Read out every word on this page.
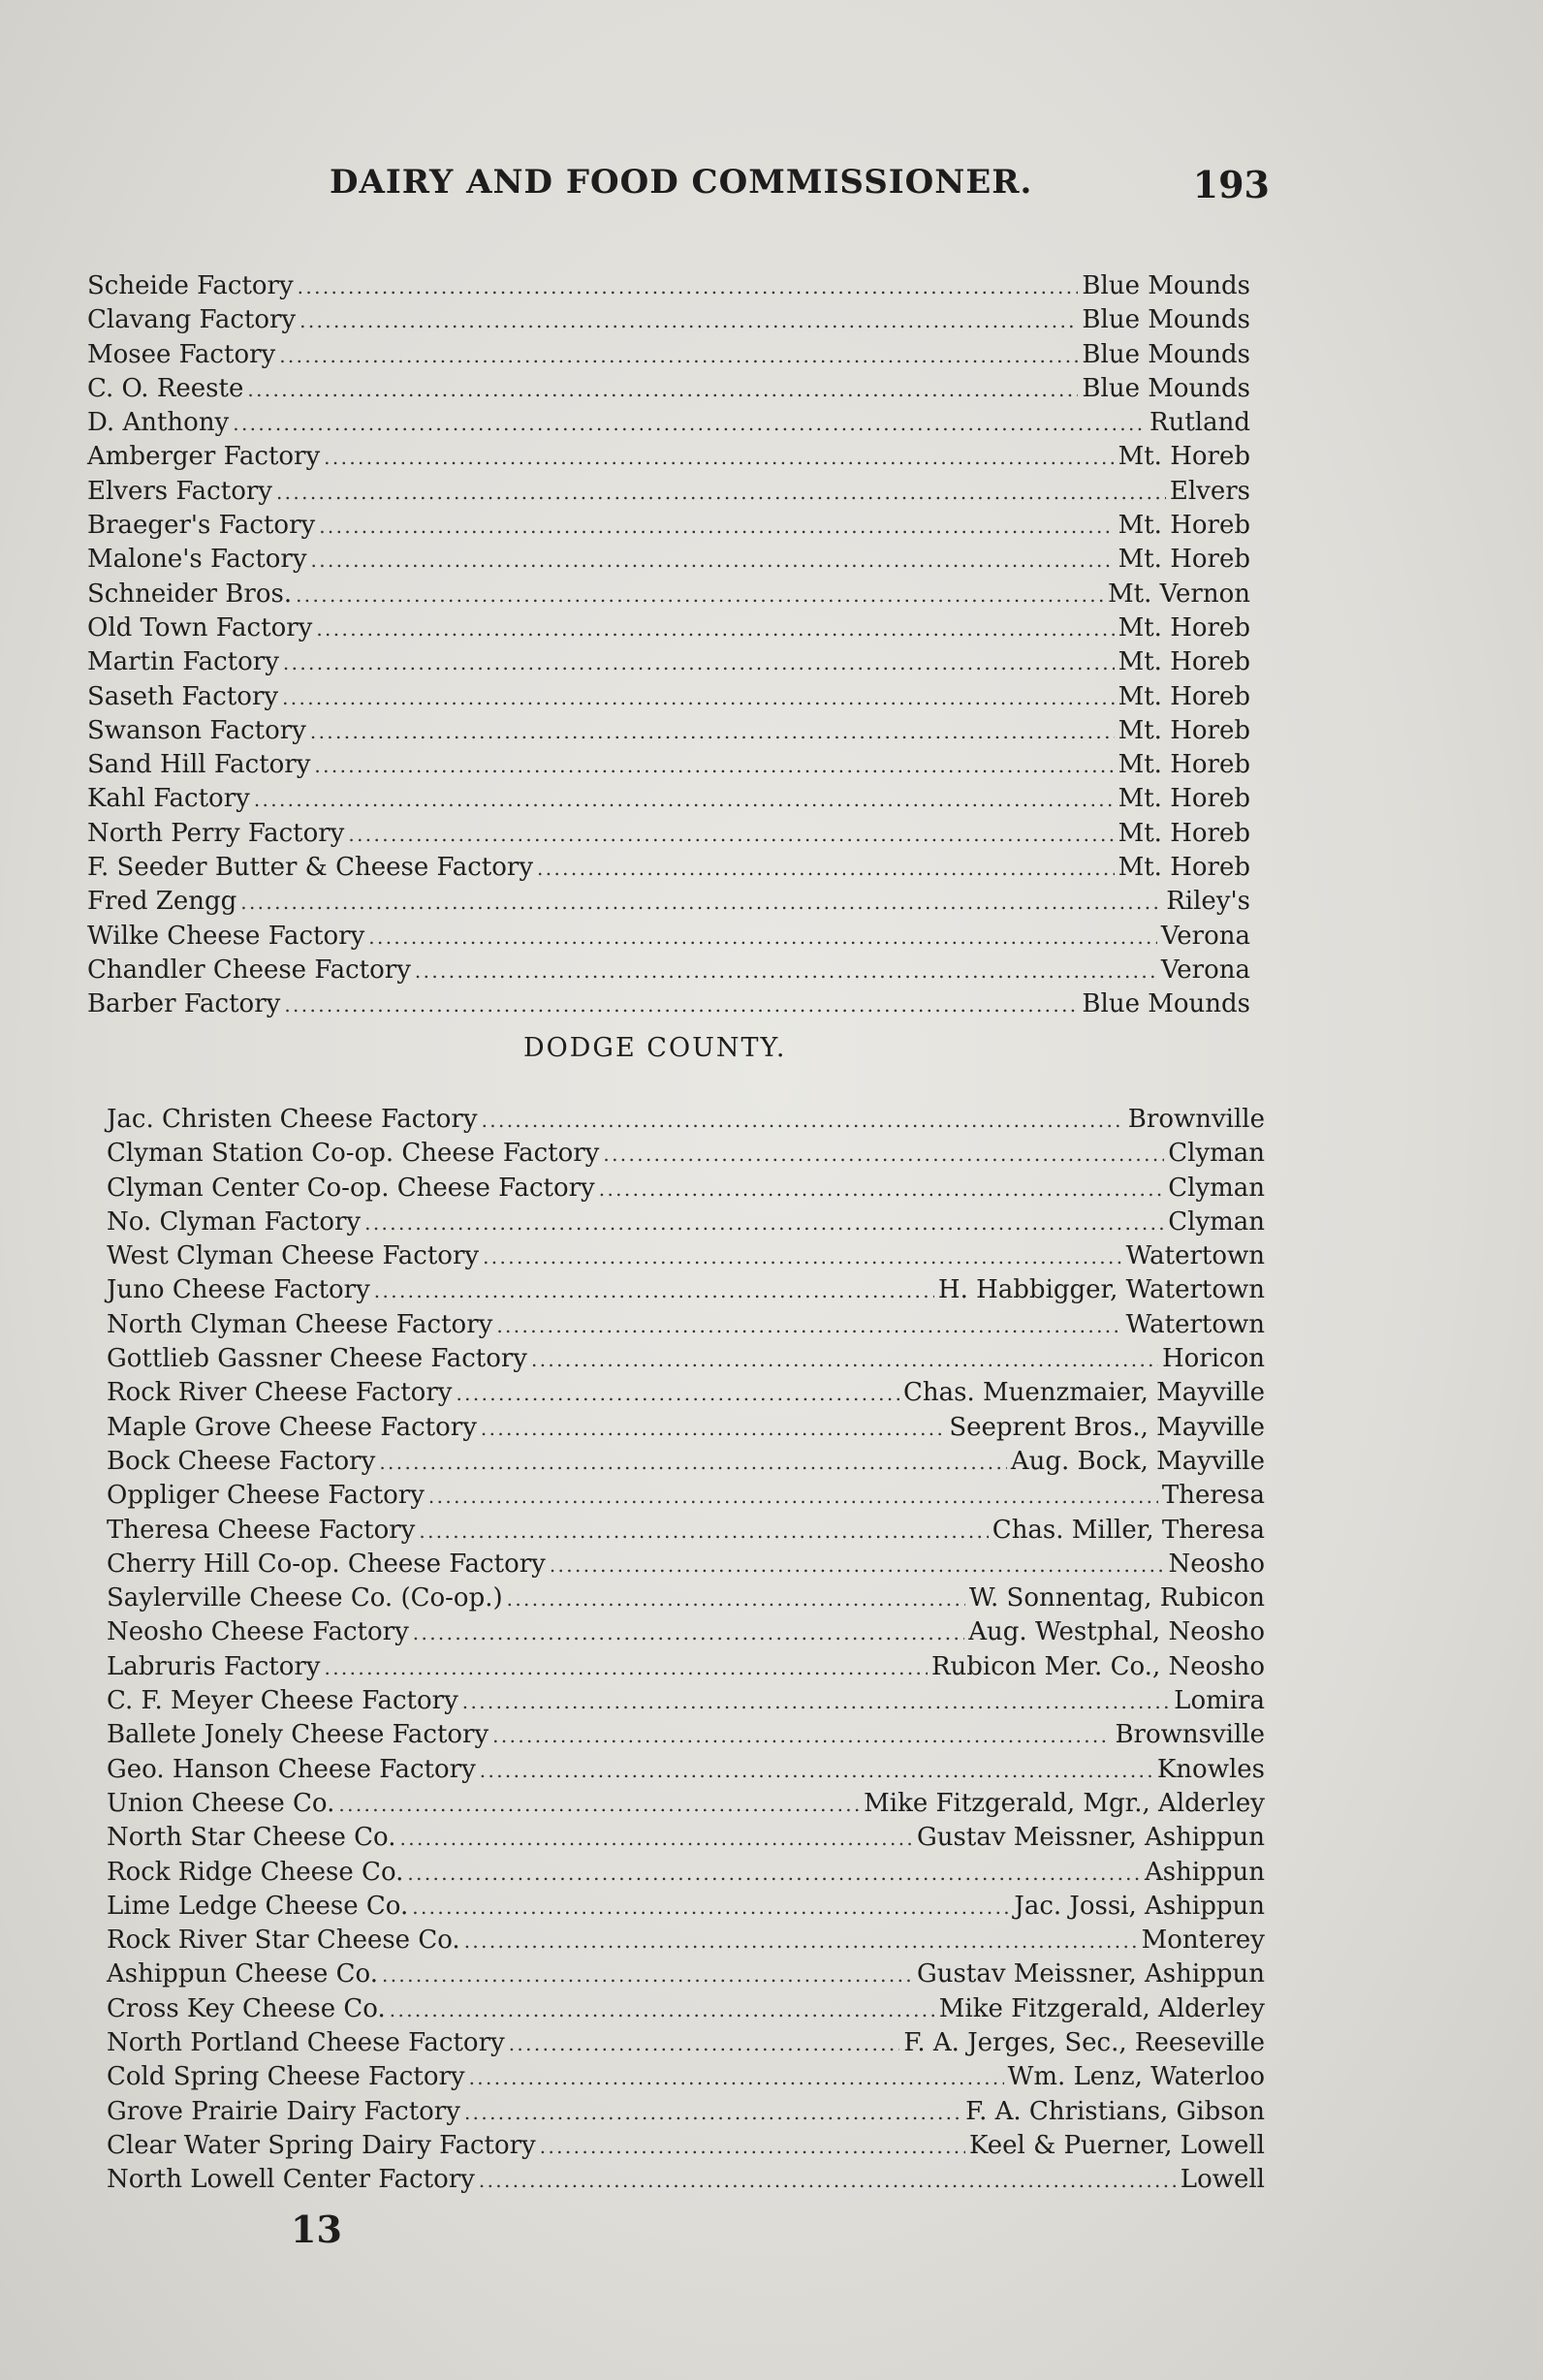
DAIRY AND FOOD COMMISSIONER.	193
Scheide Factory . . .	Blue Mounds
Clavang Factory . . .	Blue Mounds
Mosee Factory . . .	Blue Mounds
C. O. Reeste . . .	Blue Mounds
D. Anthony . . .	Rutland
Amberger Factory . . .	Mt. Horeb
Elvers Factory . . .	Elvers
Braeger's Factory . . .	Mt. Horeb
Malone's Factory . . .	Mt. Horeb
Schneider Bros. . . .	Mt. Vernon
Old Town Factory . . .	Mt. Horeb
Martin Factory . . .	Mt. Horeb
Saseth Factory . . .	Mt. Horeb
Swanson Factory . . .	Mt. Horeb
Sand Hill Factory . . .	Mt. Horeb
Kahl Factory . . .	Mt. Horeb
North Perry Factory . . .	Mt. Horeb
F. Seeder Butter & Cheese Factory . . .	Mt. Horeb
Fred Zengg . . .	Riley's
Wilke Cheese Factory . . .	Verona
Chandler Cheese Factory . . .	Verona
Barber Factory . . .	Blue Mounds
DODGE COUNTY.
Jac. Christen Cheese Factory . . .	Brownville
Clyman Station Co-op. Cheese Factory . . .	Clyman
Clyman Center Co-op. Cheese Factory . . .	Clyman
No. Clyman Factory . . .	Clyman
West Clyman Cheese Factory . . .	Watertown
Juno Cheese Factory . . .	H. Habbigger, Watertown
North Clyman Cheese Factory . . .	Watertown
Gottlieb Gassner Cheese Factory . . .	Horicon
Rock River Cheese Factory . . .	Chas. Muenzmaier, Mayville
Maple Grove Cheese Factory . . .	Seeprent Bros., Mayville
Bock Cheese Factory . . .	Aug. Bock, Mayville
Oppliger Cheese Factory . . .	Theresa
Theresa Cheese Factory . . .	Chas. Miller, Theresa
Cherry Hill Co-op. Cheese Factory . . .	Neosho
Saylerville Cheese Co. (Co-op.) . . .	W. Sonnentag, Rubicon
Neosho Cheese Factory . . .	Aug. Westphal, Neosho
Labruris Factory . . .	Rubicon Mer. Co., Neosho
C. F. Meyer Cheese Factory . . .	Lomira
Ballete Jonely Cheese Factory . . .	Brownsville
Geo. Hanson Cheese Factory . . .	Knowles
Union Cheese Co. . . .	Mike Fitzgerald, Mgr., Alderley
North Star Cheese Co. . . .	Gustav Meissner, Ashippun
Rock Ridge Cheese Co. . . .	Ashippun
Lime Ledge Cheese Co. . . .	Jac. Jossi, Ashippun
Rock River Star Cheese Co. . . .	Monterey
Ashippun Cheese Co. . . .	Gustav Meissner, Ashippun
Cross Key Cheese Co. . . .	Mike Fitzgerald, Alderley
North Portland Cheese Factory . . .	F. A. Jerges, Sec., Reeseville
Cold Spring Cheese Factory . . .	Wm. Lenz, Waterloo
Grove Prairie Dairy Factory . . .	F. A. Christians, Gibson
Clear Water Spring Dairy Factory . . .	Keel & Puerner, Lowell
North Lowell Center Factory . . .	Lowell
13
